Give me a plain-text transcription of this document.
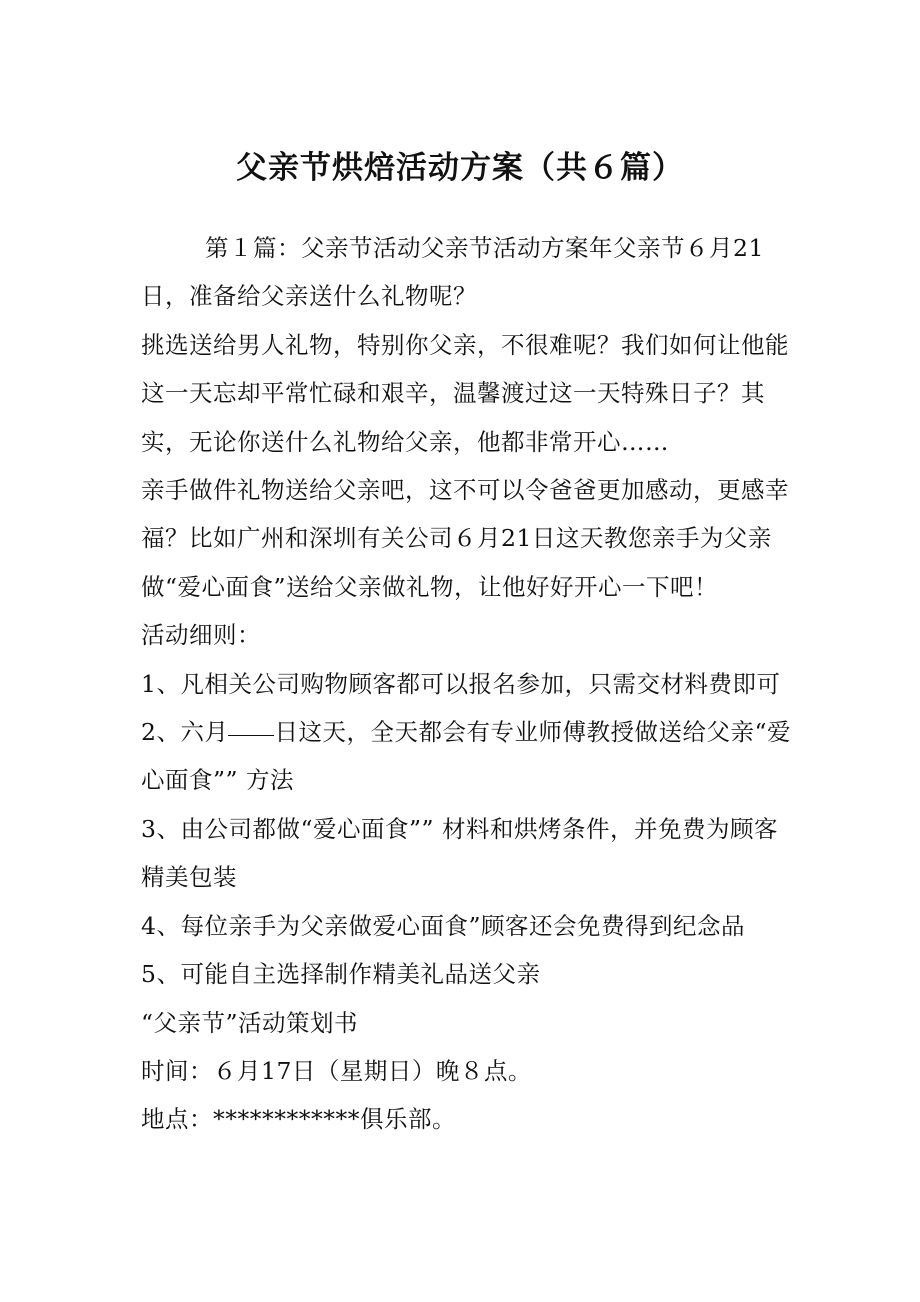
父亲节烘焙活动方案（共６篇）

第１篇：父亲节活动父亲节活动方案年父亲节６月21日，准备给父亲送什么礼物呢？

挑选送给男人礼物，特别你父亲，不很难呢？我们如何让他能这一天忘却平常忙碌和艰辛，温馨渡过这一天特殊日子？其实，无论你送什么礼物给父亲，他都非常开心……

亲手做件礼物送给父亲吧，这不可以令爸爸更加感动，更感幸福？比如广州和深圳有关公司６月21日这天教您亲手为父亲做“爱心面食”送给父亲做礼物，让他好好开心一下吧！

活动细则：

1、凡相关公司购物顾客都可以报名参加，只需交材料费即可

2、六月 日这天，全天都会有专业师傅教授做送给父亲“爱心面食”” 方法

3、由公司都做“爱心面食”” 材料和烘烤条件，并免费为顾客精美包装

4、每位亲手为父亲做爱心面食”顾客还会免费得到纪念品

5、可能自主选择制作精美礼品送父亲

“父亲节”活动策划书

时间：６月17日（星期日）晚８点。

地点：************俱乐部。
